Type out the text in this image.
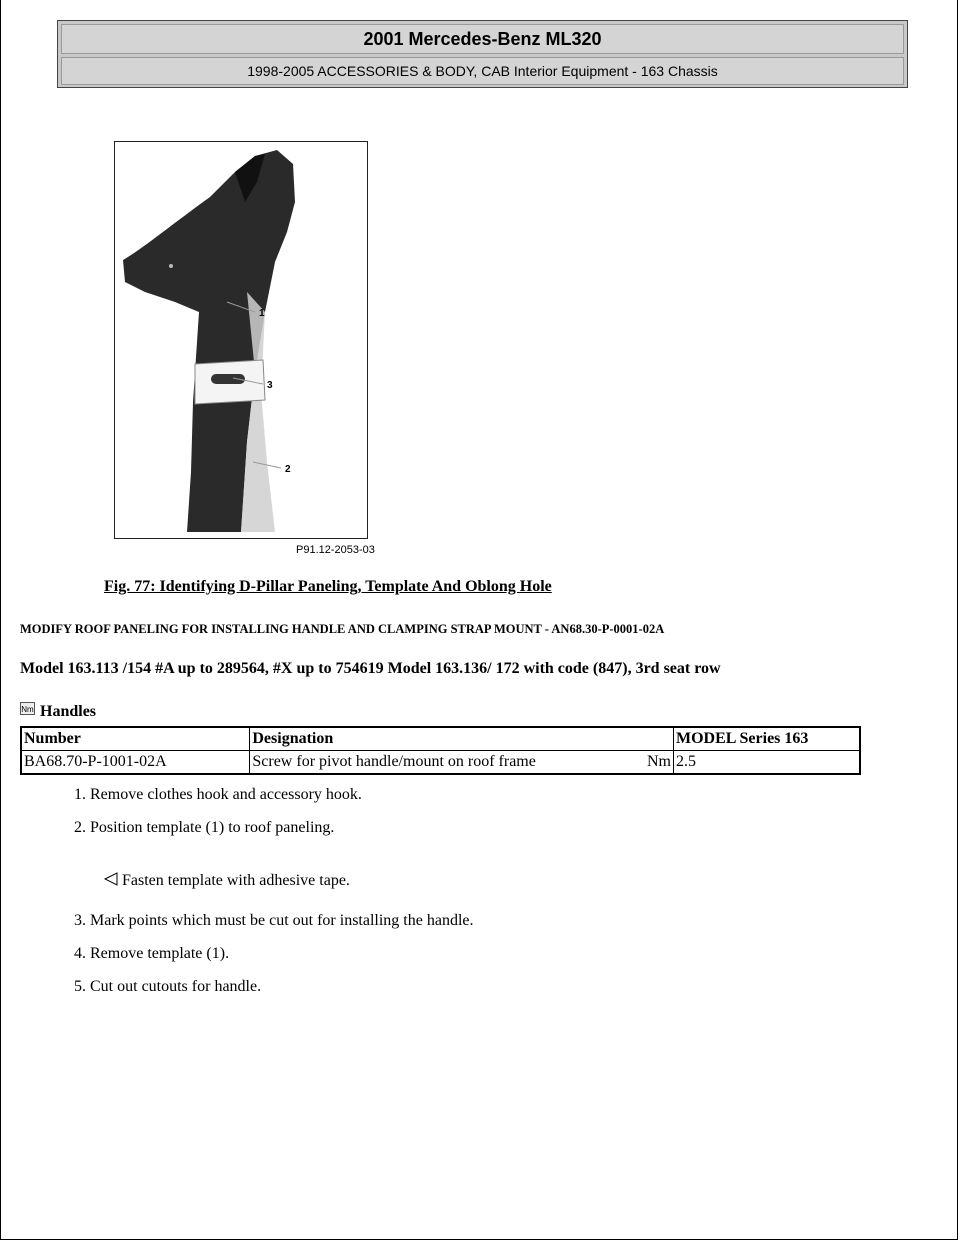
2001 Mercedes-Benz ML320
1998-2005 ACCESSORIES & BODY, CAB Interior Equipment - 163 Chassis
1
3
2
P91.12-2053-03
Fig. 77: Identifying D-Pillar Paneling, Template And Oblong Hole
MODIFY ROOF PANELING FOR INSTALLING HANDLE AND CLAMPING STRAP MOUNT - AN68.30-P-0001-02A
Model 163.113 /154 #A up to 289564, #X up to 754619 Model 163.136/ 172 with code (847), 3rd seat row
Nm Handles
Number	Designation	MODEL Series 163
BA68.70-P-1001-02A	Screw for pivot handle/mount on roof frame Nm	2.5
1. Remove clothes hook and accessory hook.
2. Position template (1) to roof paneling.
3. Mark points which must be cut out for installing the handle.
4. Remove template (1).
5. Cut out cutouts for handle.
Fasten template with adhesive tape.
